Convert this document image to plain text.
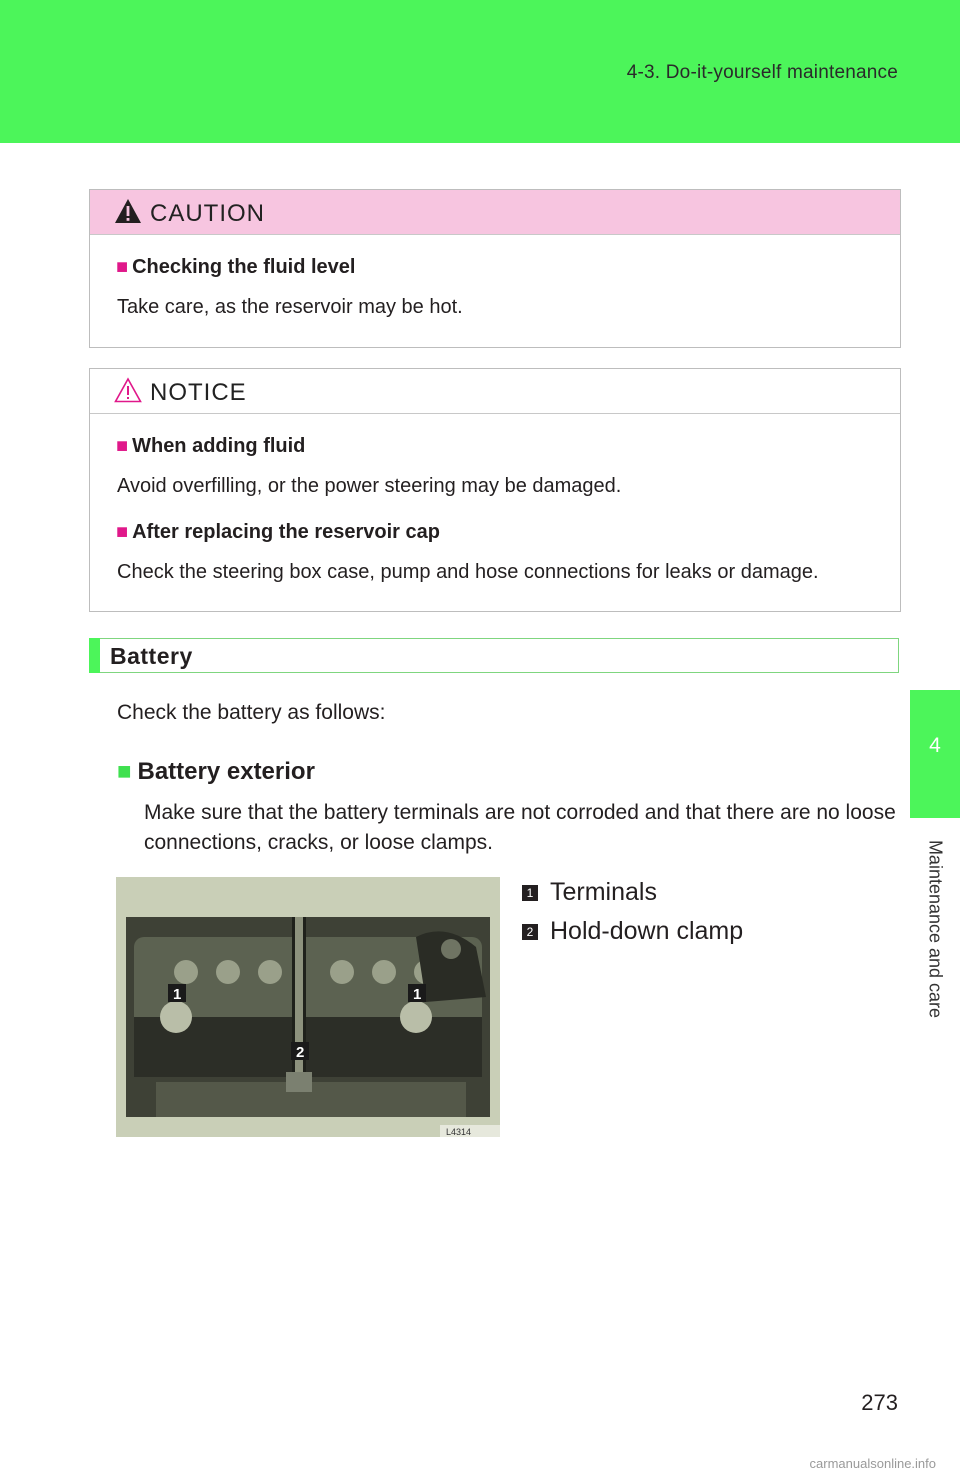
4-3. Do-it-yourself maintenance
4
Maintenance and care
CAUTION
■ Checking the fluid level
Take care, as the reservoir may be hot.
NOTICE
■ When adding fluid
Avoid overfilling, or the power steering may be damaged.
■ After replacing the reservoir cap
Check the steering box case, pump and hose connections for leaks or damage.
Battery
Check the battery as follows:
■ Battery exterior
Make sure that the battery terminals are not corroded and that there are no loose connections, cracks, or loose clamps.
1	1
2
L4314
1 Terminals
2 Hold-down clamp
273
carmanualsonline.info
